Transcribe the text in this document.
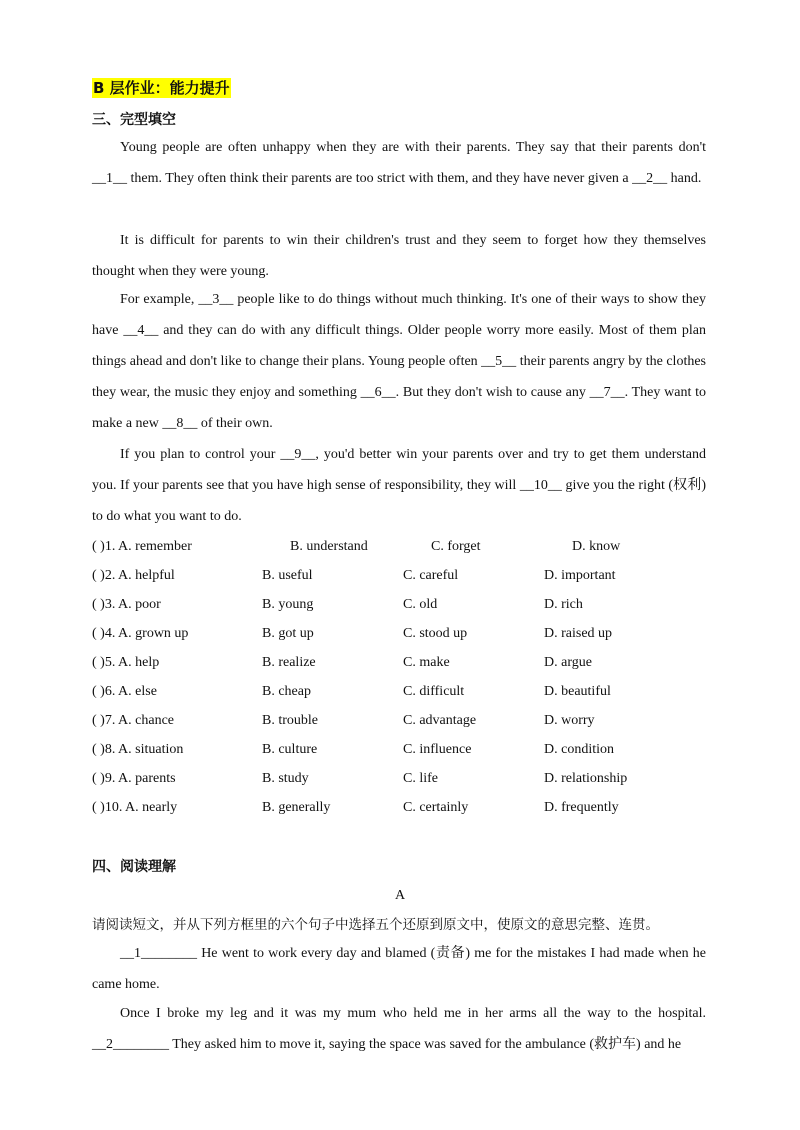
B 层作业：能力提升
三、完型填空

Young people are often unhappy when they are with their parents. They say that their parents don't __1__ them. They often think their parents are too strict with them, and they have never given a __2__ hand.

It is difficult for parents to win their children's trust and they seem to forget how they themselves thought when they were young.

For example, __3__ people like to do things without much thinking. It's one of their ways to show they have __4__ and they can do with any difficult things. Older people worry more easily. Most of them plan things ahead and don't like to change their plans. Young people often __5__ their parents angry by the clothes they wear, the music they enjoy and something __6__. But they don't wish to cause any __7__. They want to make a new __8__ of their own.

If you plan to control your __9__, you'd better win your parents over and try to get them understand you. If your parents see that you have high sense of responsibility, they will __10__ give you the right (权利) to do what you want to do.

( )1. A. remember	B. understand	C. forget	D. know
( )2. A. helpful	B. useful	C. careful	D. important
( )3. A. poor	B. young	C. old	D. rich
( )4. A. grown up	B. got up	C. stood up	D. raised up
( )5. A. help	B. realize	C. make	D. argue
( )6. A. else	B. cheap	C. difficult	D. beautiful
( )7. A. chance	B. trouble	C. advantage	D. worry
( )8. A. situation	B. culture	C. influence	D. condition
( )9. A. parents	B. study	C. life	D. relationship
( )10. A. nearly	B. generally	C. certainly	D. frequently
四、阅读理解
A
请阅读短文，并从下列方框里的六个句子中选择五个还原到原文中，使原文的意思完整、连贯。

__1________ He went to work every day and blamed (责备) me for the mistakes I had made when he came home.

Once I broke my leg and it was my mum who held me in her arms all the way to the hospital. __2________ They asked him to move it, saying the space was saved for the ambulance (救护车) and he
